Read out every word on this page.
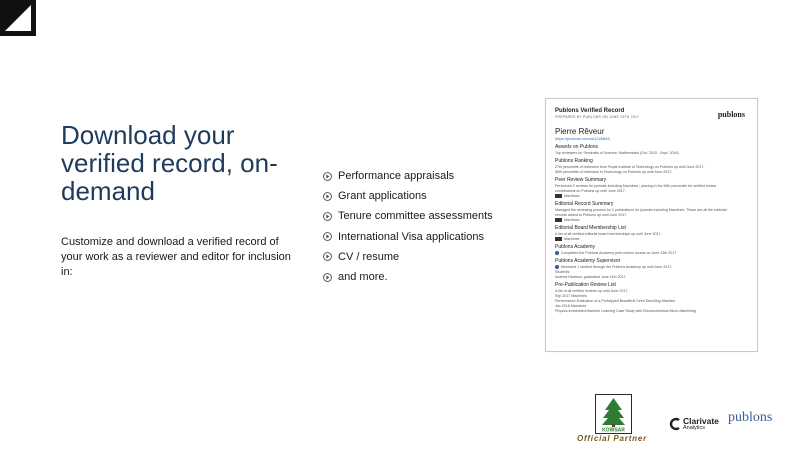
Download your verified record, on-demand

Customize and download a verified record of your work as a reviewer and editor for inclusion in:

Performance appraisals
Grant applications
Tenure committee assessments
International Visa applications
CV / resume
and more.
Publons Verified Record
PREPARED BY PUBLONS ON JUNE 13TH 2017	publons
Pierre Rêveur
https://publons.com/a/1226846
Awards on Publons
Top reviewers for Seminalis of Science: Mathematics (Oct. 2015 - Sept. 2016)
Publons Ranking
27th percentile of reviewers from Royal Institute of Technology on Publons up until June 2017.
56th percentile of reviewers in Technology on Publons up until June 2017.
Peer Review Summary
Performed 2 reviews for journals including Machines ; placing in the 56th percentile for verified review
contributions on Publons up until June 2017.
Machines
Editorial Record Summary
Managed the reviewing process for 2 publications for journals including Machines. These are all the editorial
records added to Publons up until June 2017.
Machines
Editorial Board Membership List
A list of all verified editorial board memberships up until June 2017.
Machines
Publons Academy
Completed the Publons Academy peer review course on June 13th 2017
Publons Academy Supervisor
Mentored 1 student through the Publons Academy up until June 2017.
Students:
Andrew Harrison, graduated June 11th 2017
Pre-Publication Review List
A list of all verified reviews up until June 2017.
Sep 2017 Machines
Performance Evaluation of a Prototyped Breadfruit Seed Dehulling Machine
Jan 2016 Machines
Physics-embedded Machine Learning Case Study with Electrochemical Micro-Machining
KOWSAR
Official Partner
Clarivate
Analytics
publons
